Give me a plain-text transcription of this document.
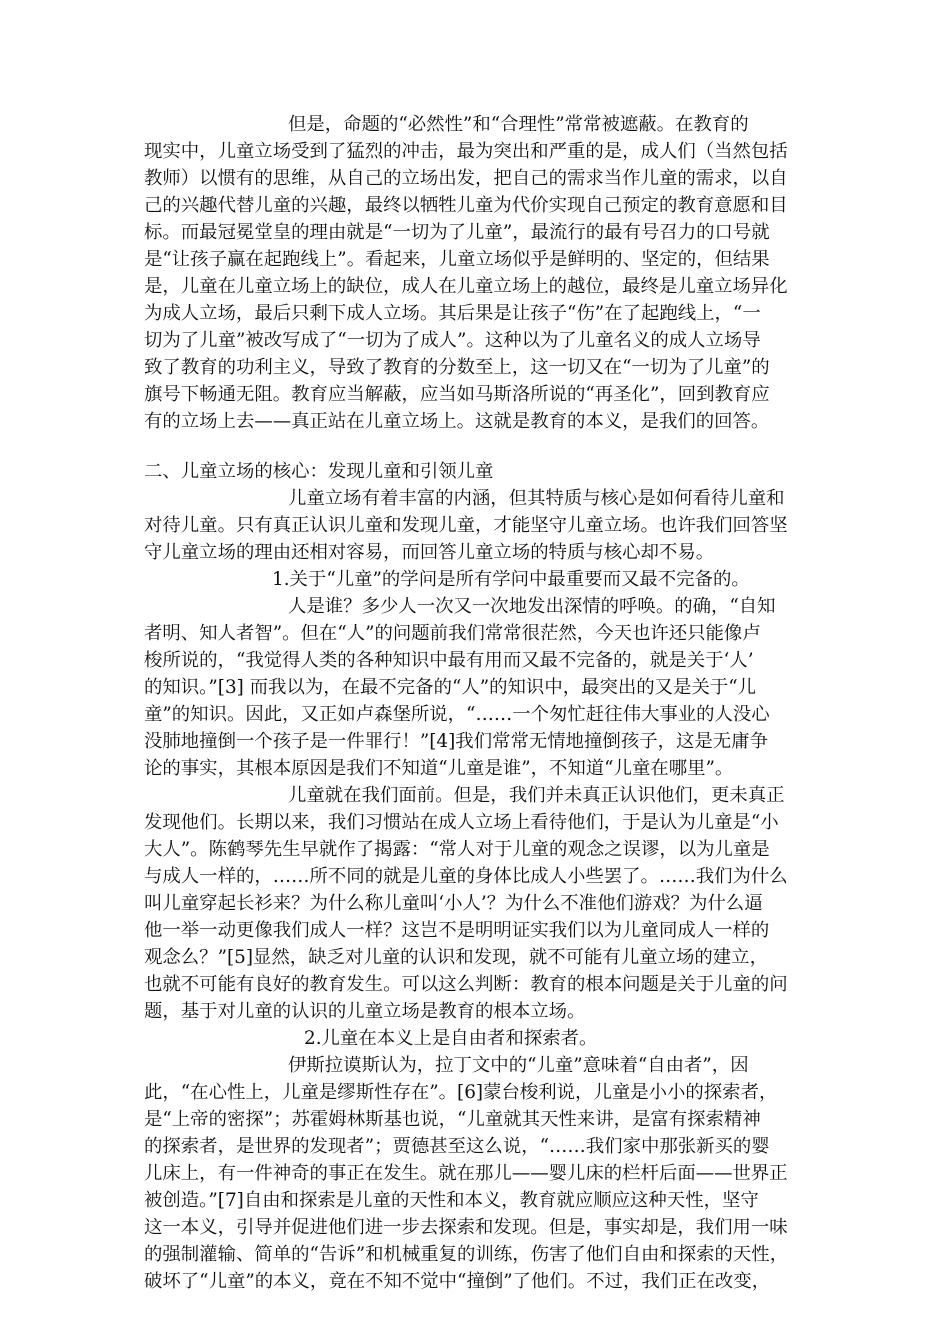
但是，命题的“必然性”和“合理性”常常被遮蔽。在教育的
现实中，儿童立场受到了猛烈的冲击，最为突出和严重的是，成人们（当然包括
教师）以惯有的思维，从自己的立场出发，把自己的需求当作儿童的需求，以自
己的兴趣代替儿童的兴趣，最终以牺牲儿童为代价实现自己预定的教育意愿和目
标。而最冠冕堂皇的理由就是“一切为了儿童”，最流行的最有号召力的口号就
是“让孩子赢在起跑线上”。看起来，儿童立场似乎是鲜明的、坚定的，但结果
是，儿童在儿童立场上的缺位，成人在儿童立场上的越位，最终是儿童立场异化
为成人立场，最后只剩下成人立场。其后果是让孩子“伤”在了起跑线上，“一
切为了儿童”被改写成了“一切为了成人”。这种以为了儿童名义的成人立场导
致了教育的功利主义，导致了教育的分数至上，这一切又在“一切为了儿童”的
旗号下畅通无阻。教育应当解蔽，应当如马斯洛所说的“再圣化”，回到教育应
有的立场上去——真正站在儿童立场上。这就是教育的本义，是我们的回答。
二、儿童立场的核心：发现儿童和引领儿童
儿童立场有着丰富的内涵，但其特质与核心是如何看待儿童和
对待儿童。只有真正认识儿童和发现儿童，才能坚守儿童立场。也许我们回答坚
守儿童立场的理由还相对容易，而回答儿童立场的特质与核心却不易。
1.关于“儿童”的学问是所有学问中最重要而又最不完备的。
人是谁？多少人一次又一次地发出深情的呼唤。的确，“自知
者明、知人者智”。但在“人”的问题前我们常常很茫然，今天也许还只能像卢
梭所说的，“我觉得人类的各种知识中最有用而又最不完备的，就是关于‘人’
的知识。”[3] 而我以为，在最不完备的“人”的知识中，最突出的又是关于“儿
童”的知识。因此，又正如卢森堡所说，“……一个匆忙赶往伟大事业的人没心
没肺地撞倒一个孩子是一件罪行！”[4]我们常常无情地撞倒孩子，这是无庸争
论的事实，其根本原因是我们不知道“儿童是谁”，不知道“儿童在哪里”。
儿童就在我们面前。但是，我们并未真正认识他们，更未真正
发现他们。长期以来，我们习惯站在成人立场上看待他们，于是认为儿童是“小
大人”。陈鹤琴先生早就作了揭露：“常人对于儿童的观念之误谬，以为儿童是
与成人一样的，……所不同的就是儿童的身体比成人小些罢了。……我们为什么
叫儿童穿起长衫来？为什么称儿童叫‘小人’？为什么不准他们游戏？为什么逼
他一举一动更像我们成人一样？这岂不是明明证实我们以为儿童同成人一样的
观念么？”[5]显然，缺乏对儿童的认识和发现，就不可能有儿童立场的建立，
也就不可能有良好的教育发生。可以这么判断：教育的根本问题是关于儿童的问
题，基于对儿童的认识的儿童立场是教育的根本立场。
2.儿童在本义上是自由者和探索者。
伊斯拉谟斯认为，拉丁文中的“儿童”意味着“自由者”，因
此，“在心性上，儿童是缪斯性存在”。[6]蒙台梭利说，儿童是小小的探索者，
是“上帝的密探”；苏霍姆林斯基也说，“儿童就其天性来讲，是富有探索精神
的探索者，是世界的发现者”；贾德甚至这么说，“……我们家中那张新买的婴
儿床上，有一件神奇的事正在发生。就在那儿——婴儿床的栏杆后面——世界正
被创造。”[7]自由和探索是儿童的天性和本义，教育就应顺应这种天性，坚守
这一本义，引导并促进他们进一步去探索和发现。但是，事实却是，我们用一味
的强制灌输、简单的“告诉”和机械重复的训练，伤害了他们自由和探索的天性，
破坏了“儿童”的本义，竟在不知不觉中“撞倒”了他们。不过，我们正在改变，
